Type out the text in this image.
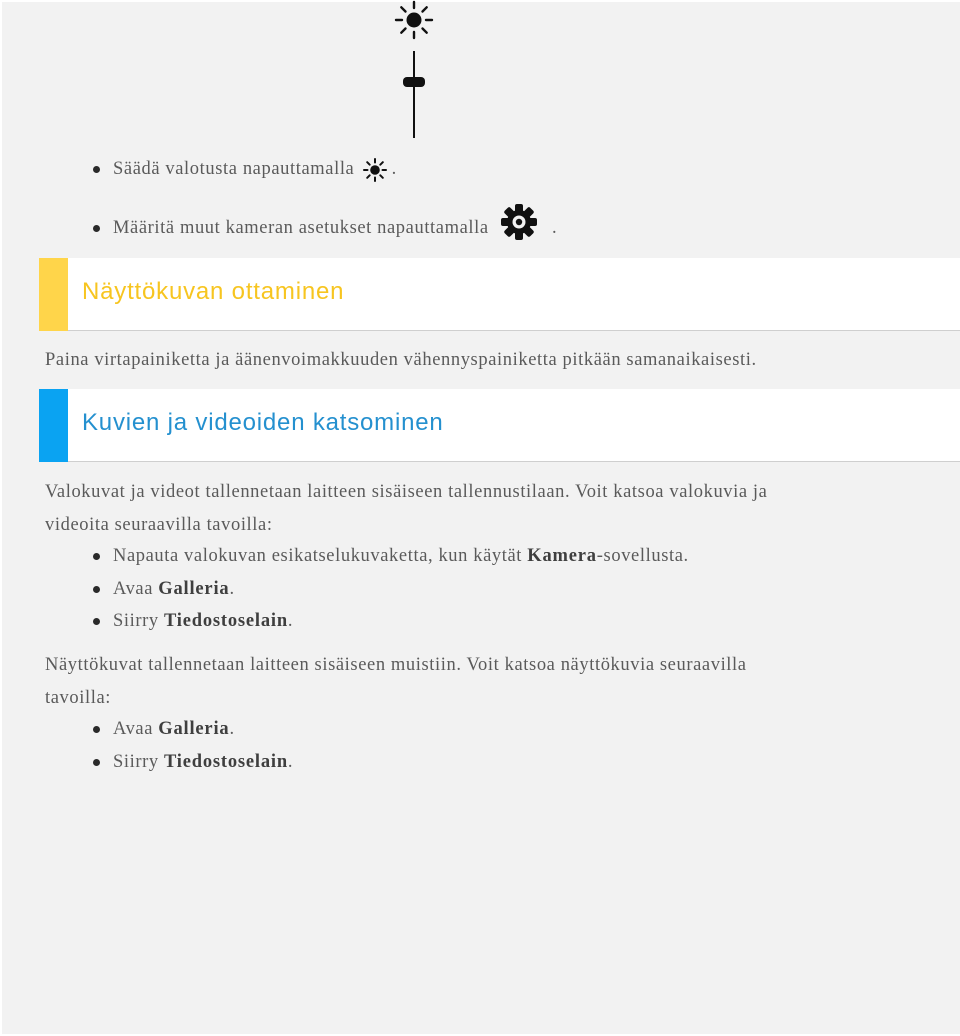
Säädä valotusta napauttamalla .
Määritä muut kameran asetukset napauttamalla	.
Näyttökuvan ottaminen

Paina virtapainiketta ja äänenvoimakkuuden vähennyspainiketta pitkään samanaikaisesti.

Kuvien ja videoiden katsominen

Valokuvat ja videot tallennetaan laitteen sisäiseen tallennustilaan. Voit katsoa valokuvia ja
videoita seuraavilla tavoilla:

Napauta valokuvan esikatselukuvaketta, kun käytät Kamera-sovellusta.
Avaa Galleria.
Siirry Tiedostoselain.

Näyttökuvat tallennetaan laitteen sisäiseen muistiin. Voit katsoa näyttökuvia seuraavilla
tavoilla:

Avaa Galleria.
Siirry Tiedostoselain.
